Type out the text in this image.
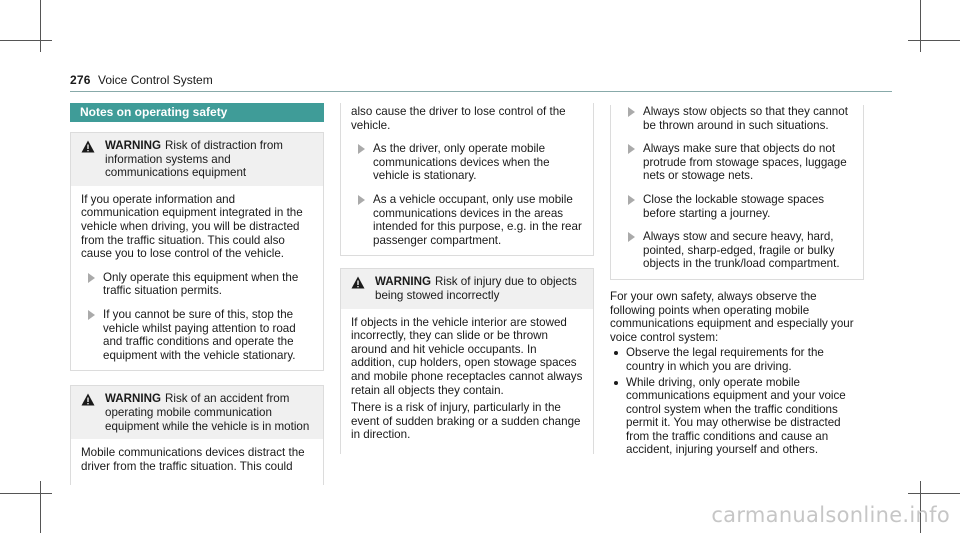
276 Voice Control System
Notes on operating safety
WARNING Risk of distraction from information systems and communications equipment

If you operate information and communication equipment integrated in the vehicle when driving, you will be distracted from the traffic situation. This could also cause you to lose control of the vehicle.

Only operate this equipment when the traffic situation permits.
If you cannot be sure of this, stop the vehicle whilst paying attention to road and traffic conditions and operate the equipment with the vehicle stationary.
WARNING Risk of an accident from operating mobile communication equipment while the vehicle is in motion

Mobile communications devices distract the driver from the traffic situation. This could

also cause the driver to lose control of the vehicle.

As the driver, only operate mobile communications devices when the vehicle is stationary.
As a vehicle occupant, only use mobile communications devices in the areas intended for this purpose, e.g. in the rear passenger compartment.
WARNING Risk of injury due to objects being stowed incorrectly

If objects in the vehicle interior are stowed incorrectly, they can slide or be thrown around and hit vehicle occupants. In addition, cup holders, open stowage spaces and mobile phone receptacles cannot always retain all objects they contain.

There is a risk of injury, particularly in the event of sudden braking or a sudden change in direction.

Always stow objects so that they cannot be thrown around in such situations.
Always make sure that objects do not protrude from stowage spaces, luggage nets or stowage nets.
Close the lockable stowage spaces before starting a journey.
Always stow and secure heavy, hard, pointed, sharp-edged, fragile or bulky objects in the trunk/load compartment.

For your own safety, always observe the following points when operating mobile communications equipment and especially your voice control system:

Observe the legal requirements for the country in which you are driving.
While driving, only operate mobile communications equipment and your voice control system when the traffic conditions permit it. You may otherwise be distracted from the traffic conditions and cause an accident, injuring yourself and others.
carmanualsonline.info
